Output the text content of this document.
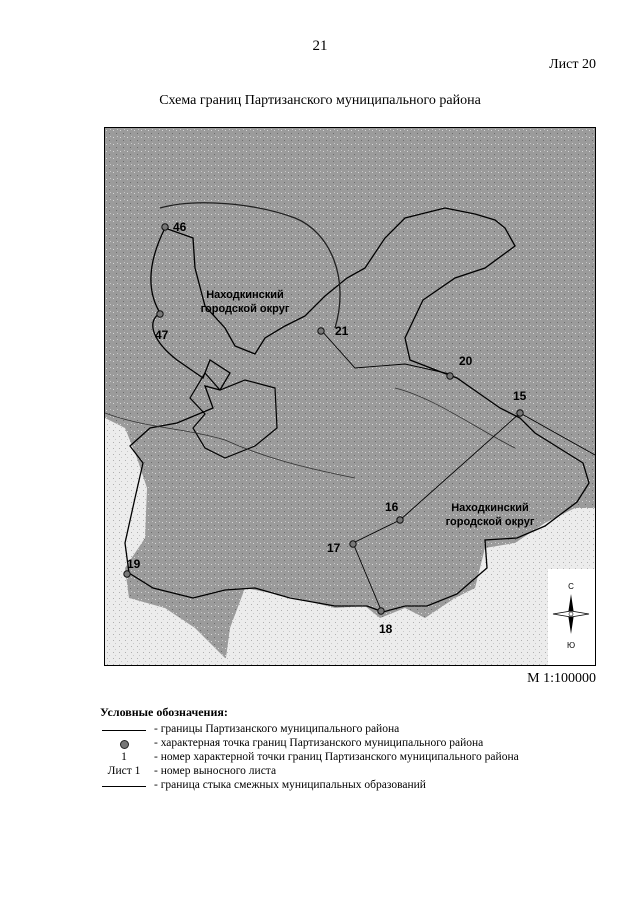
21
Лист 20
Схема границ Партизанского муниципального района
Находкинский
городской округ
Находкинский
городской округ
46
47	21
20
15
16
17
19
18
С
Ю
М 1:100000
Условные обозначения:
- границы Партизанского муниципального района
- характерная точка границ Партизанского муниципального района
1	- номер характерной точки границ Партизанского муниципального района
Лист 1	- номер выносного листа
- граница стыка смежных муниципальных образований
